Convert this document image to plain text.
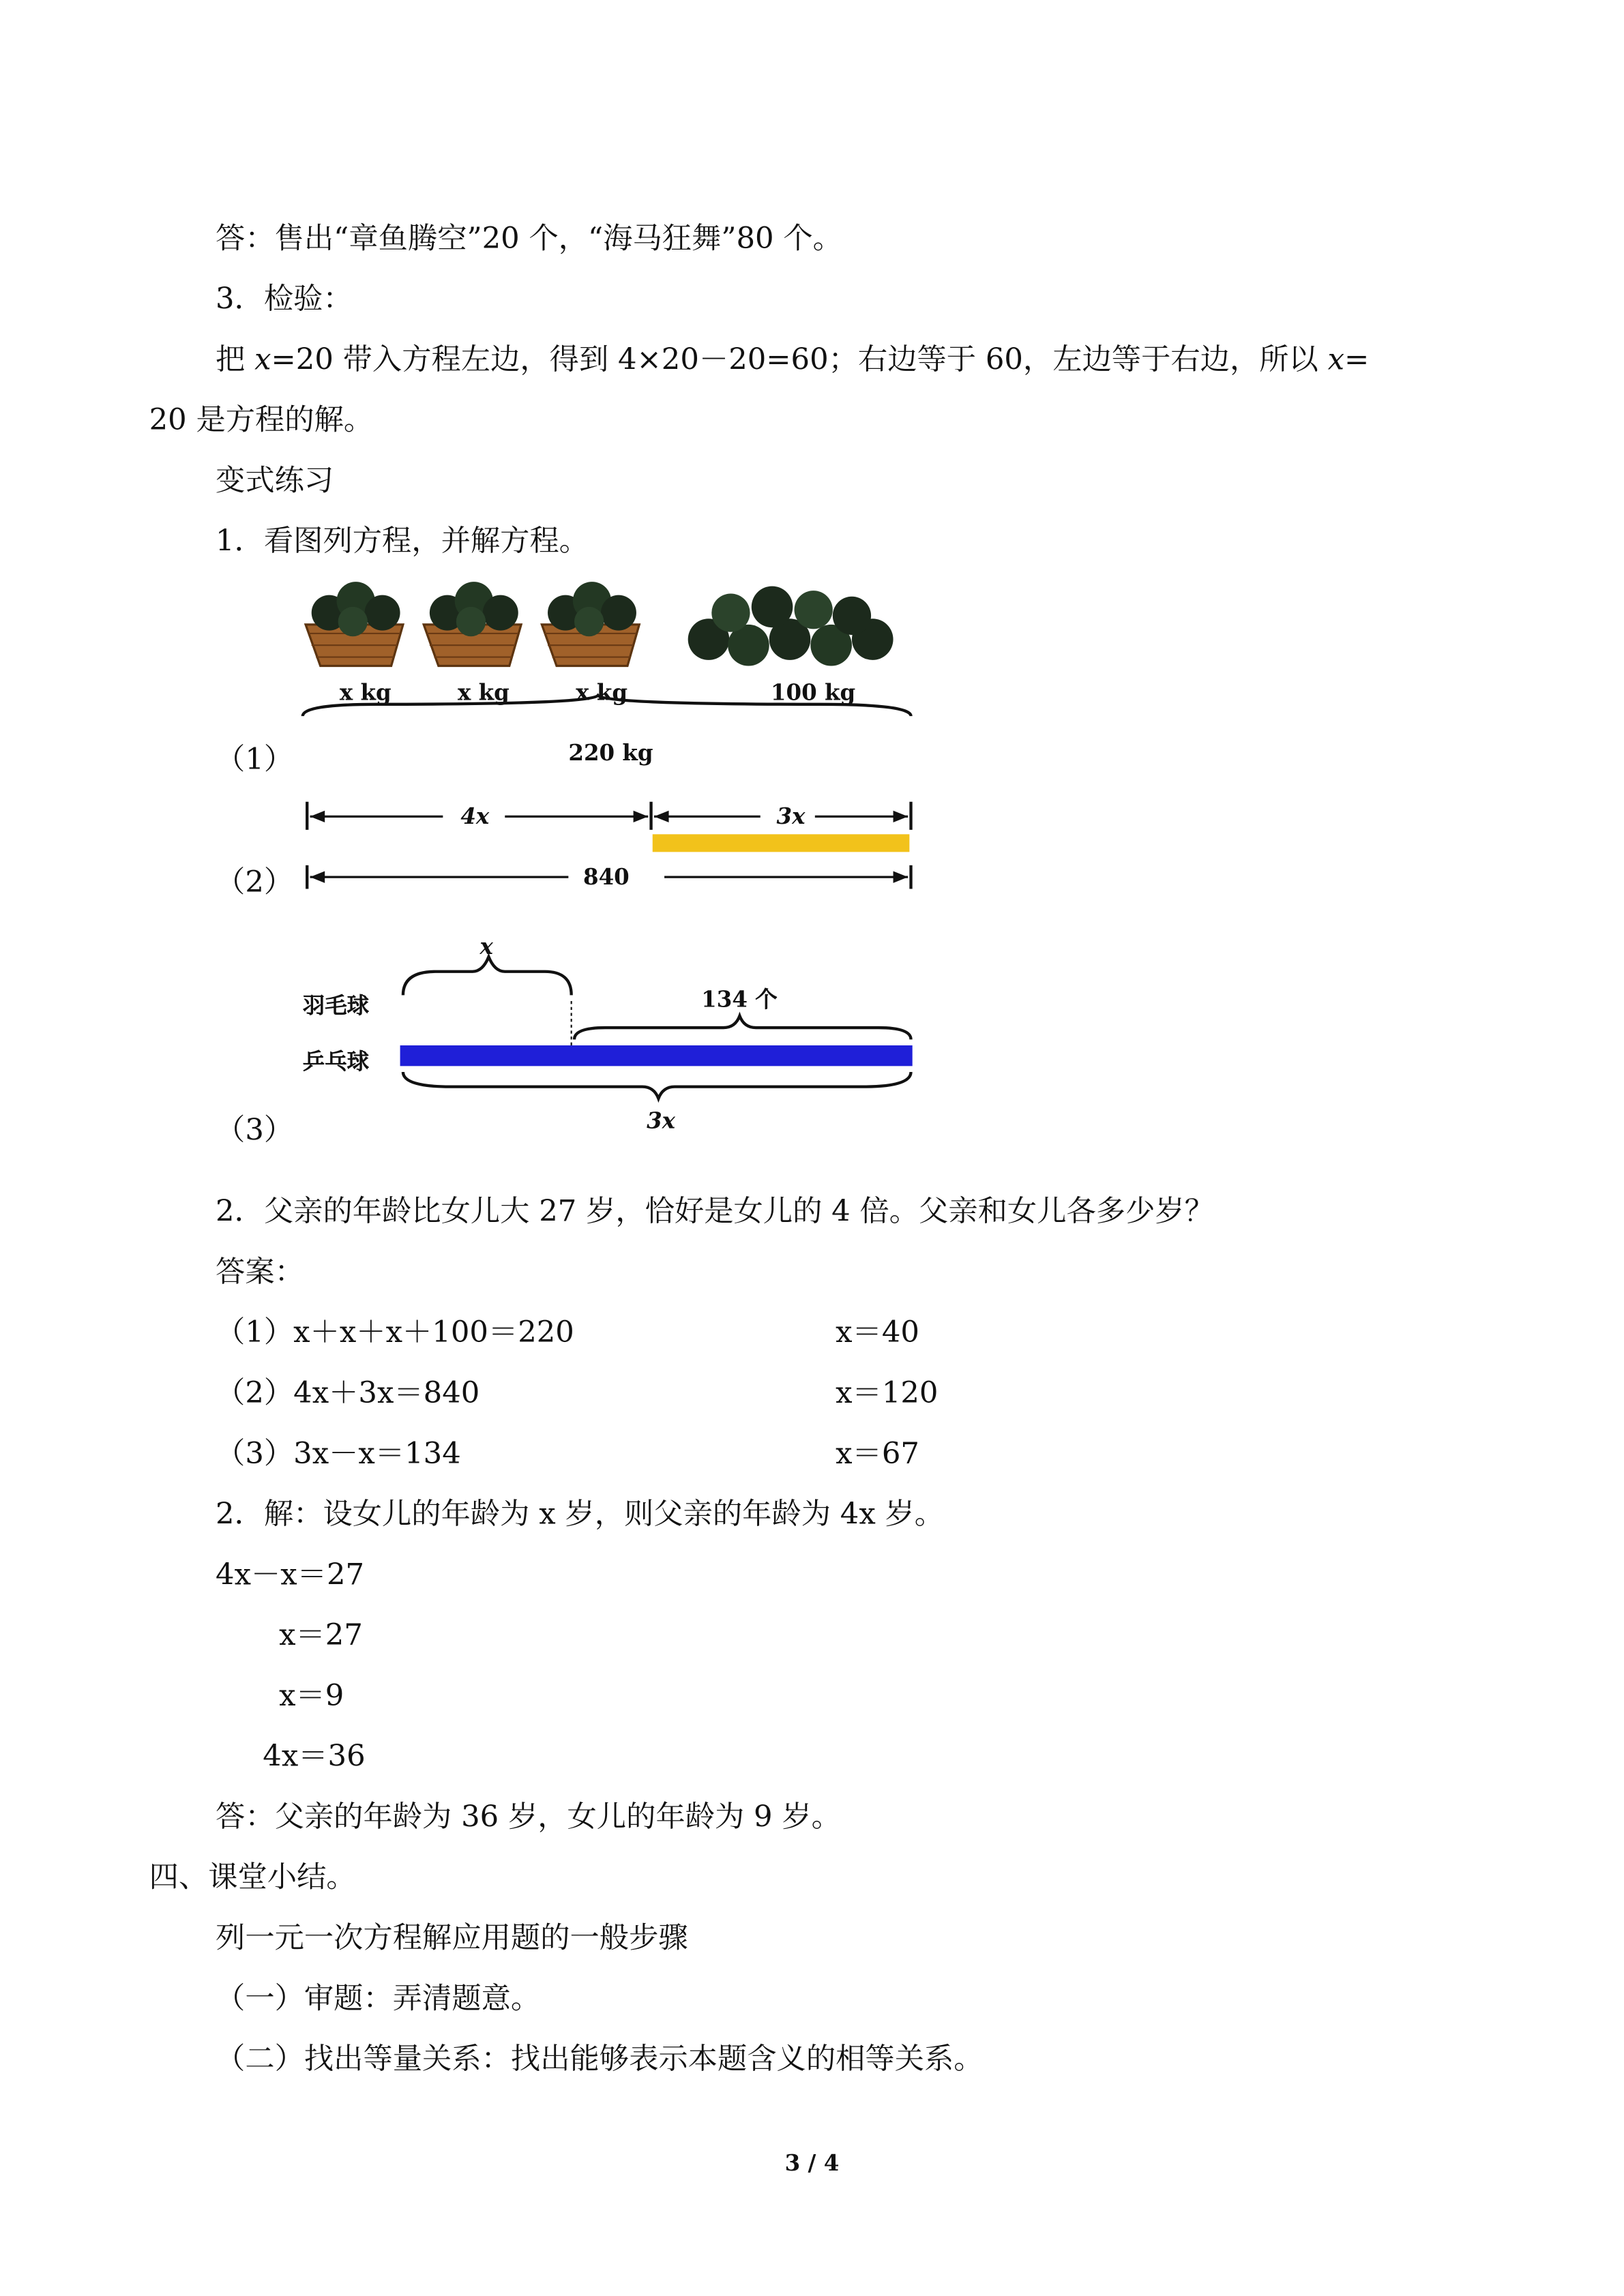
答：售出“章鱼腾空”20 个，“海马狂舞”80 个。
3．检验：
把 x=20 带入方程左边，得到 4×20－20=60；右边等于 60，左边等于右边，所以 x=
20 是方程的解。
变式练习
1．看图列方程，并解方程。
（1）
x kg	x kg	x kg	100 kg
220 kg
（2）
4x	3x
840
（3）
羽毛球
乒乓球
x
134 个
3x
2．父亲的年龄比女儿大 27 岁，恰好是女儿的 4 倍。父亲和女儿各多少岁？
答案：
（1）x＋x＋x＋100＝220	x＝40
（2）4x＋3x＝840	x＝120
（3）3x－x＝134	x＝67
2．解：设女儿的年龄为 x 岁，则父亲的年龄为 4x 岁。
4x－x＝27
x＝27
x＝9
4x＝36
答：父亲的年龄为 36 岁，女儿的年龄为 9 岁。
四、课堂小结。
列一元一次方程解应用题的一般步骤
（一）审题：弄清题意。
（二）找出等量关系：找出能够表示本题含义的相等关系。
3 / 4
